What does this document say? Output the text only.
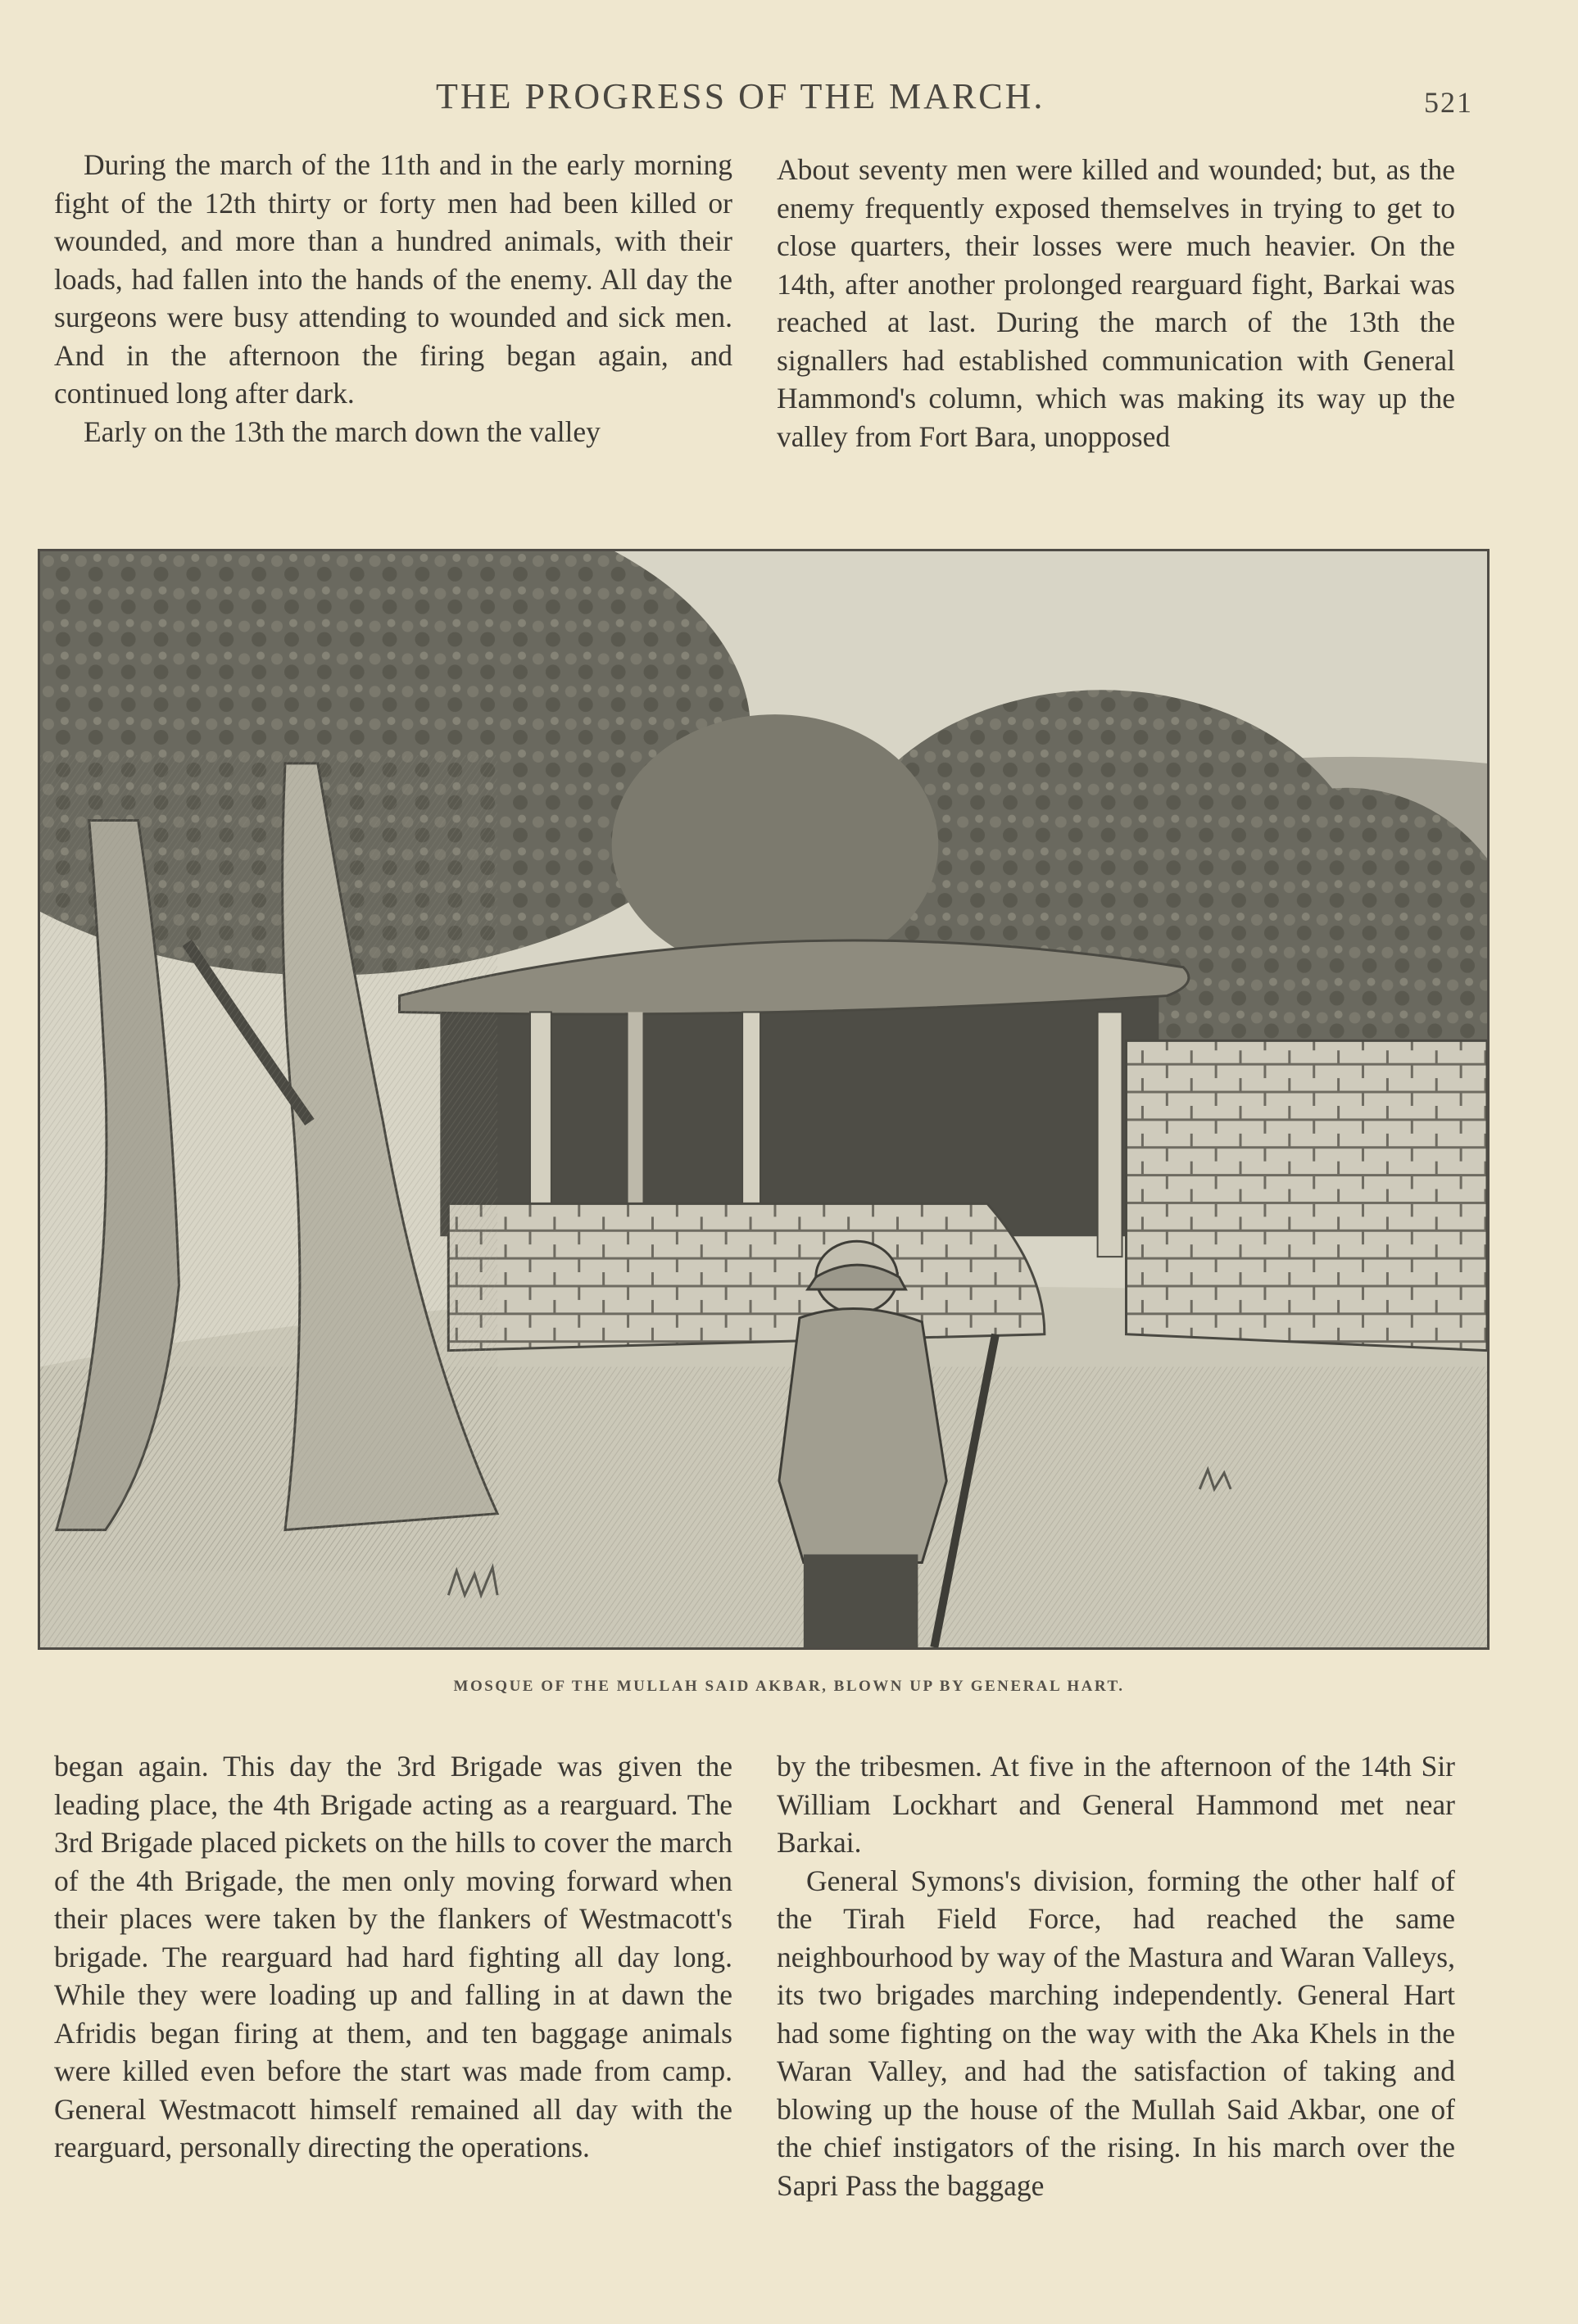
THE PROGRESS OF THE MARCH.	521

During the march of the 11th and in the early morning fight of the 12th thirty or forty men had been killed or wounded, and more than a hundred animals, with their loads, had fallen into the hands of the enemy. All day the surgeons were busy attending to wounded and sick men. And in the afternoon the firing began again, and continued long after dark.

Early on the 13th the march down the valley

About seventy men were killed and wounded; but, as the enemy frequently exposed themselves in trying to get to close quarters, their losses were much heavier. On the 14th, after another prolonged rearguard fight, Barkai was reached at last. During the march of the 13th the signallers had established communication with General Hammond's column, which was making its way up the valley from Fort Bara, unopposed

MOSQUE OF THE MULLAH SAID AKBAR, BLOWN UP BY GENERAL HART.

began again. This day the 3rd Brigade was given the leading place, the 4th Brigade acting as a rearguard. The 3rd Brigade placed pickets on the hills to cover the march of the 4th Brigade, the men only moving forward when their places were taken by the flankers of Westmacott's brigade. The rearguard had hard fighting all day long. While they were loading up and falling in at dawn the Afridis began firing at them, and ten baggage animals were killed even before the start was made from camp. General Westmacott himself remained all day with the rearguard, personally directing the operations.

by the tribesmen. At five in the afternoon of the 14th Sir William Lockhart and General Hammond met near Barkai.

General Symons's division, forming the other half of the Tirah Field Force, had reached the same neighbourhood by way of the Mastura and Waran Valleys, its two brigades marching independently. General Hart had some fighting on the way with the Aka Khels in the Waran Valley, and had the satisfaction of taking and blowing up the house of the Mullah Said Akbar, one of the chief instigators of the rising. In his march over the Sapri Pass the baggage
